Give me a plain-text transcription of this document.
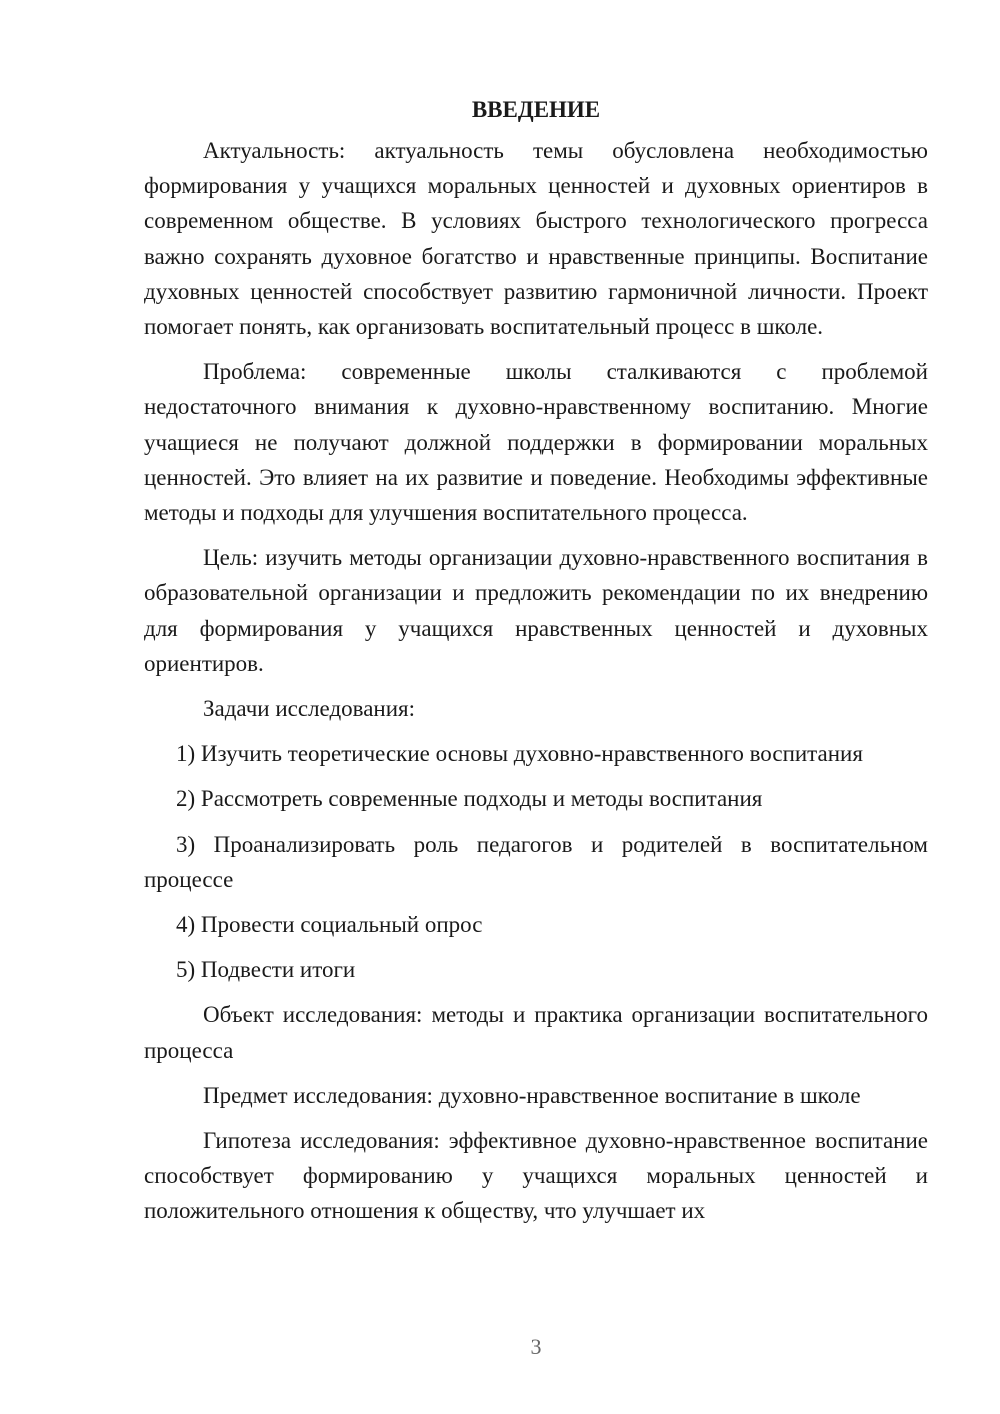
ВВЕДЕНИЕ

Актуальность: актуальность темы обусловлена необходимостью формирования у учащихся моральных ценностей и духовных ориентиров в современном обществе. В условиях быстрого технологического прогресса важно сохранять духовное богатство и нравственные принципы. Воспитание духовных ценностей способствует развитию гармоничной личности. Проект помогает понять, как организовать воспитательный процесс в школе.

Проблема: современные школы сталкиваются с проблемой недостаточного внимания к духовно-нравственному воспитанию. Многие учащиеся не получают должной поддержки в формировании моральных ценностей. Это влияет на их развитие и поведение. Необходимы эффективные методы и подходы для улучшения воспитательного процесса.

Цель: изучить методы организации духовно-нравственного воспитания в образовательной организации и предложить рекомендации по их внедрению для формирования у учащихся нравственных ценностей и духовных ориентиров.

Задачи исследования:

1) Изучить теоретические основы духовно-нравственного воспитания

2) Рассмотреть современные подходы и методы воспитания

3) Проанализировать роль педагогов и родителей в воспитательном процессе

4) Провести социальный опрос

5) Подвести итоги

Объект исследования: методы и практика организации воспитательного процесса

Предмет исследования: духовно-нравственное воспитание в школе

Гипотеза исследования: эффективное духовно-нравственное воспитание способствует формированию у учащихся моральных ценностей и положительного отношения к обществу, что улучшает их

3
